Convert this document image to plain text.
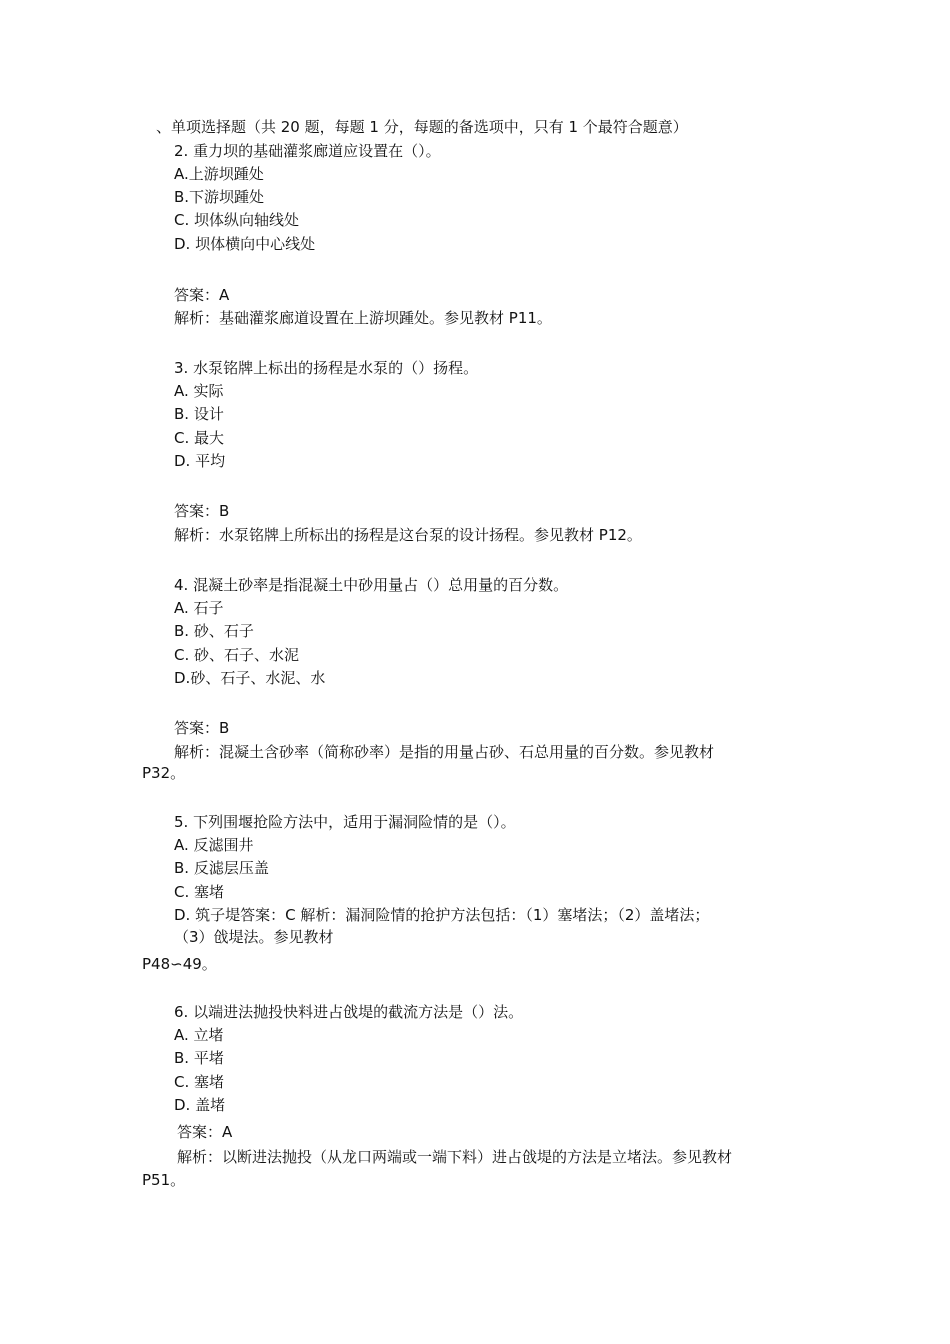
、单项选择题（共 20 题，每题 1 分，每题的备选项中，只有 1 个最符合题意）
2. 重力坝的基础灌浆廊道应设置在（）。
A.上游坝踵处
B.下游坝踵处
C. 坝体纵向轴线处
D. 坝体横向中心线处
答案：A
解析：基础灌浆廊道设置在上游坝踵处。参见教材 P11。
3. 水泵铭牌上标出的扬程是水泵的（）扬程。
A. 实际
B. 设计
C. 最大
D. 平均
答案：B
解析：水泵铭牌上所标出的扬程是这台泵的设计扬程。参见教材 P12。
4. 混凝土砂率是指混凝土中砂用量占（）总用量的百分数。
A. 石子
B. 砂、石子
C. 砂、石子、水泥
D.砂、石子、水泥、水
答案：B
解析：混凝土含砂率（简称砂率）是指的用量占砂、石总用量的百分数。参见教材
P32。
5. 下列围堰抢险方法中，适用于漏洞险情的是（）。
A. 反滤围井
B. 反滤层压盖
C. 塞堵
D. 筑子堤答案：C 解析：漏洞险情的抢护方法包括：（1）塞堵法；（2）盖堵法；
（3）戗堤法。参见教材
P48∽49。
6. 以端进法抛投快料进占戗堤的截流方法是（）法。
A. 立堵
B. 平堵
C. 塞堵
D. 盖堵
答案：A
解析：以断进法抛投（从龙口两端或一端下料）进占戗堤的方法是立堵法。参见教材
P51。
